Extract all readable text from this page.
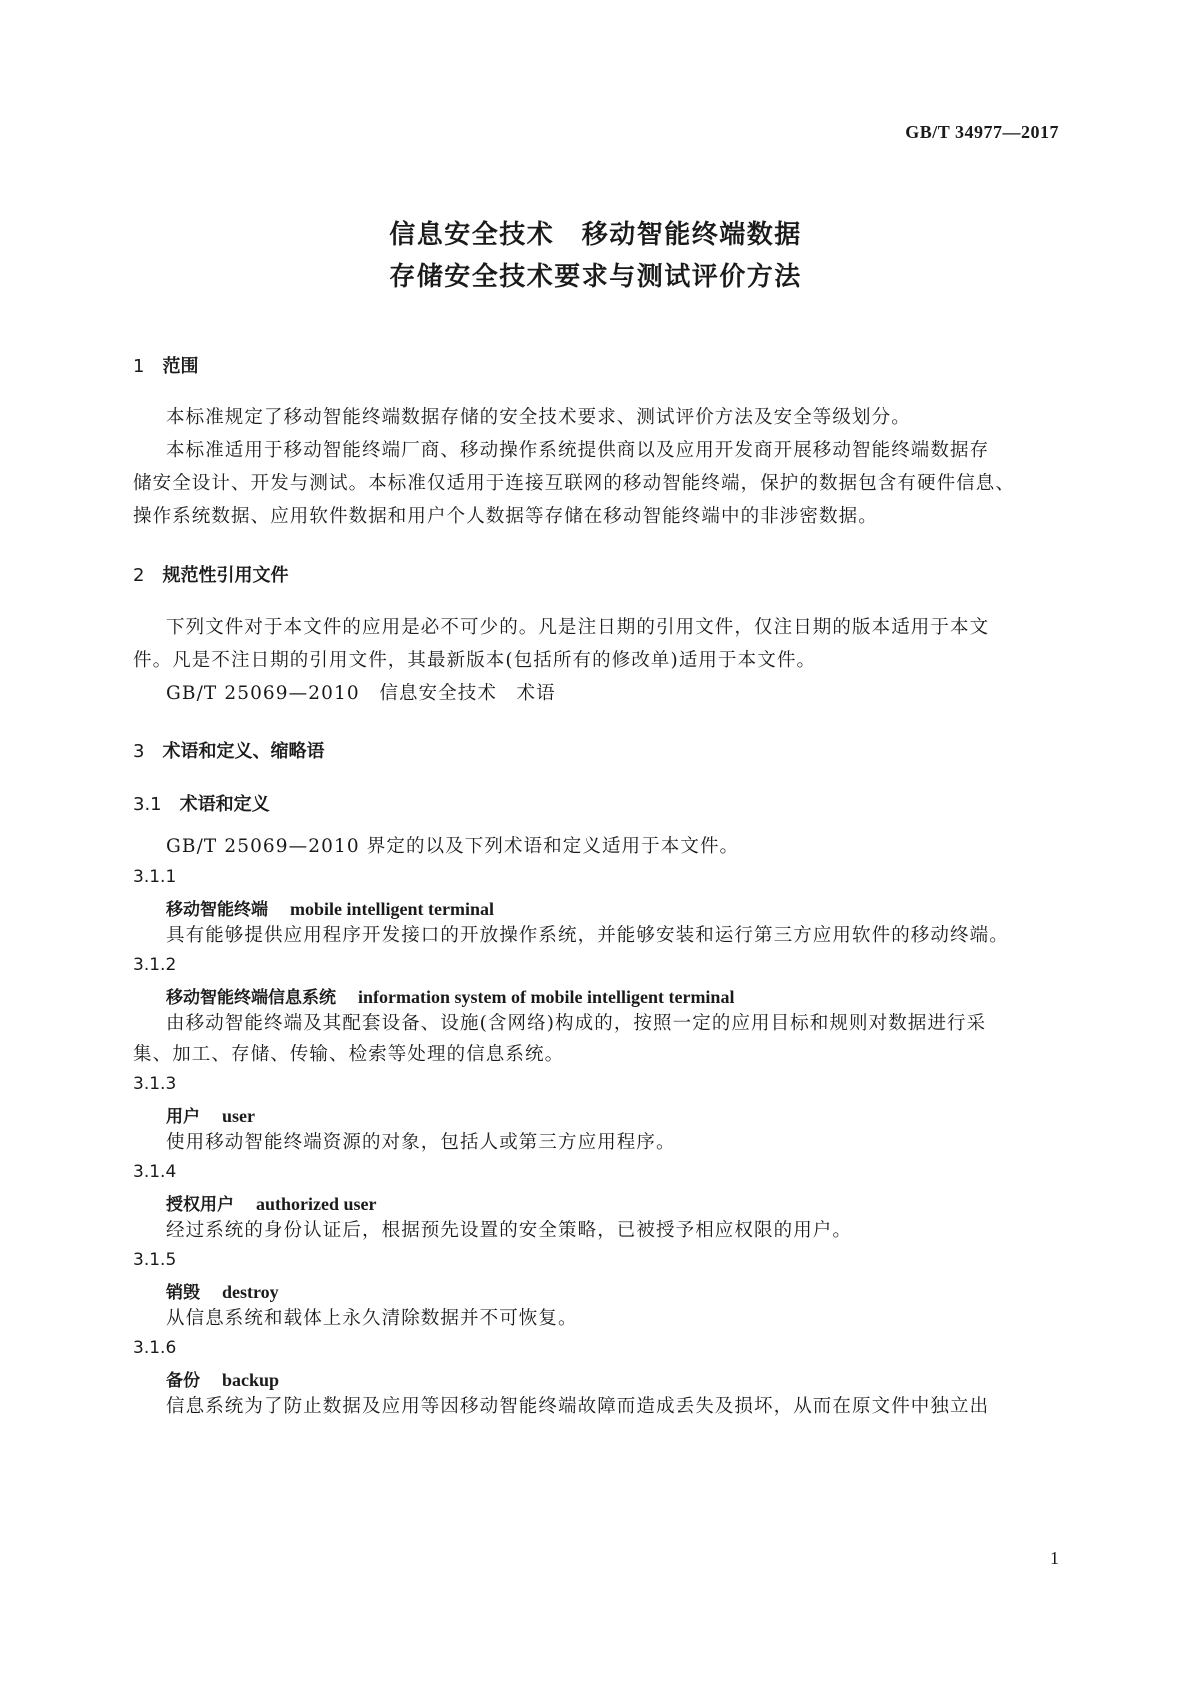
GB/T 34977—2017
信息安全技术　移动智能终端数据
存储安全技术要求与测试评价方法
1 范围
本标准规定了移动智能终端数据存储的安全技术要求、测试评价方法及安全等级划分。
本标准适用于移动智能终端厂商、移动操作系统提供商以及应用开发商开展移动智能终端数据存
储安全设计、开发与测试。本标准仅适用于连接互联网的移动智能终端，保护的数据包含有硬件信息、
操作系统数据、应用软件数据和用户个人数据等存储在移动智能终端中的非涉密数据。
2 规范性引用文件
下列文件对于本文件的应用是必不可少的。凡是注日期的引用文件，仅注日期的版本适用于本文
件。凡是不注日期的引用文件，其最新版本(包括所有的修改单)适用于本文件。
GB/T 25069—2010　信息安全技术　术语
3 术语和定义、缩略语
3.1 术语和定义
GB/T 25069—2010 界定的以及下列术语和定义适用于本文件。
3.1.1
移动智能终端 mobile intelligent terminal
具有能够提供应用程序开发接口的开放操作系统，并能够安装和运行第三方应用软件的移动终端。
3.1.2
移动智能终端信息系统 information system of mobile intelligent terminal
由移动智能终端及其配套设备、设施(含网络)构成的，按照一定的应用目标和规则对数据进行采
集、加工、存储、传输、检索等处理的信息系统。
3.1.3
用户 user
使用移动智能终端资源的对象，包括人或第三方应用程序。
3.1.4
授权用户 authorized user
经过系统的身份认证后，根据预先设置的安全策略，已被授予相应权限的用户。
3.1.5
销毁 destroy
从信息系统和载体上永久清除数据并不可恢复。
3.1.6
备份 backup
信息系统为了防止数据及应用等因移动智能终端故障而造成丢失及损坏，从而在原文件中独立出
1
